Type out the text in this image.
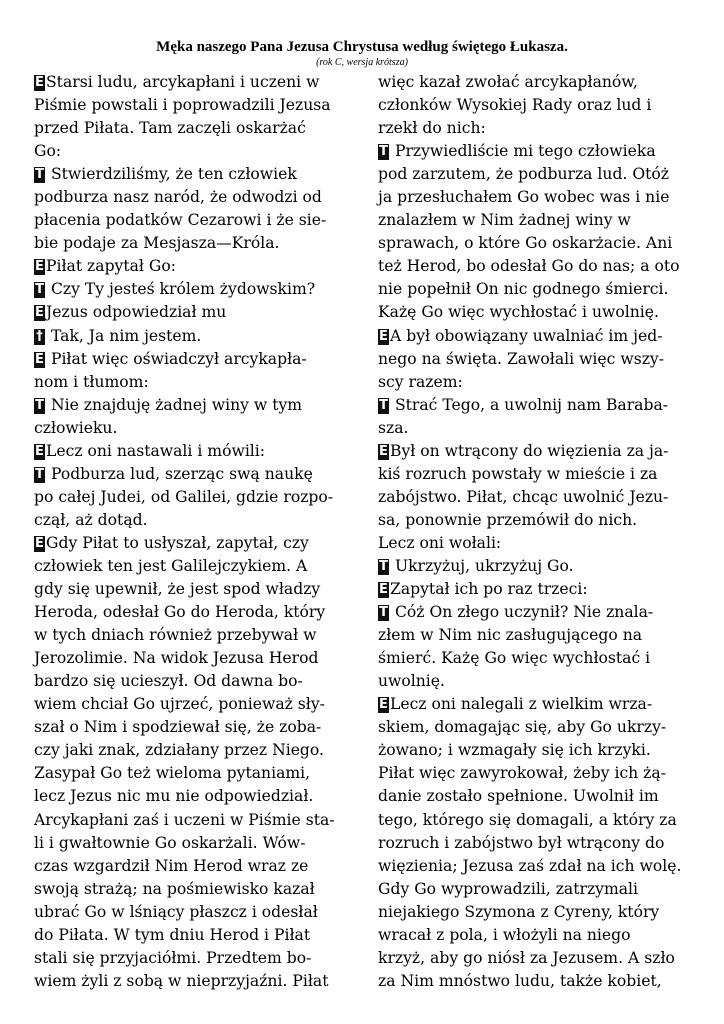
Męka naszego Pana Jezusa Chrystusa według świętego Łukasza.
(rok C, wersja krótsza)
E Starsi ludu, arcykapłani i uczeni w
Piśmie powstali i poprowadzili Jezusa
przed Piłata. Tam zaczęli oskarżać
Go:
T Stwierdziliśmy, że ten człowiek
podburza nasz naród, że odwodzi od
płacenia podatków Cezarowi i że sie-
bie podaje za Mesjasza—Króla.
E Piłat zapytał Go:
T Czy Ty jesteś królem żydowskim?
E Jezus odpowiedział mu
† Tak, Ja nim jestem.
E Piłat więc oświadczył arcykapła-
nom i tłumom:
T Nie znajduję żadnej winy w tym
człowieku.
E Lecz oni nastawali i mówili:
T Podburza lud, szerząc swą naukę
po całej Judei, od Galilei, gdzie rozpo-
czął, aż dotąd.
E Gdy Piłat to usłyszał, zapytał, czy
człowiek ten jest Galilejczykiem. A
gdy się upewnił, że jest spod władzy
Heroda, odesłał Go do Heroda, który
w tych dniach również przebywał w
Jerozolimie. Na widok Jezusa Herod
bardzo się ucieszył. Od dawna bo-
wiem chciał Go ujrzeć, ponieważ sły-
szał o Nim i spodziewał się, że zoba-
czy jaki znak, zdziałany przez Niego.
Zasypał Go też wieloma pytaniami,
lecz Jezus nic mu nie odpowiedział.
Arcykapłani zaś i uczeni w Piśmie sta-
li i gwałtownie Go oskarżali. Wów-
czas wzgardził Nim Herod wraz ze
swoją strażą; na pośmiewisko kazał
ubrać Go w lśniący płaszcz i odesłał
do Piłata. W tym dniu Herod i Piłat
stali się przyjaciółmi. Przedtem bo-
wiem żyli z sobą w nieprzyjaźni. Piłat
więc kazał zwołać arcykapłanów,
członków Wysokiej Rady oraz lud i
rzekł do nich:
T Przywiedliście mi tego człowieka
pod zarzutem, że podburza lud. Otóż
ja przesłuchałem Go wobec was i nie
znalazłem w Nim żadnej winy w
sprawach, o które Go oskarżacie. Ani
też Herod, bo odesłał Go do nas; a oto
nie popełnił On nic godnego śmierci.
Każę Go więc wychłostać i uwolnię.
E A był obowiązany uwalniać im jed-
nego na święta. Zawołali więc wszy-
scy razem:
T Strać Tego, a uwolnij nam Baraba-
sza.
E Był on wtrącony do więzienia za ja-
kiś rozruch powstały w mieście i za
zabójstwo. Piłat, chcąc uwolnić Jezu-
sa, ponownie przemówił do nich.
Lecz oni wołali:
T Ukrzyżuj, ukrzyżuj Go.
E Zapytał ich po raz trzeci:
T Cóż On złego uczynił? Nie znala-
złem w Nim nic zasługującego na
śmierć. Każę Go więc wychłostać i
uwolnię.
E Lecz oni nalegali z wielkim wrza-
skiem, domagając się, aby Go ukrzy-
żowano; i wzmagały się ich krzyki.
Piłat więc zawyrokował, żeby ich żą-
danie zostało spełnione. Uwolnił im
tego, którego się domagali, a który za
rozruch i zabójstwo był wtrącony do
więzienia; Jezusa zaś zdał na ich wolę.
Gdy Go wyprowadzili, zatrzymali
niejakiego Szymona z Cyreny, który
wracał z pola, i włożyli na niego
krzyż, aby go niósł za Jezusem. A szło
za Nim mnóstwo ludu, także kobiet,
